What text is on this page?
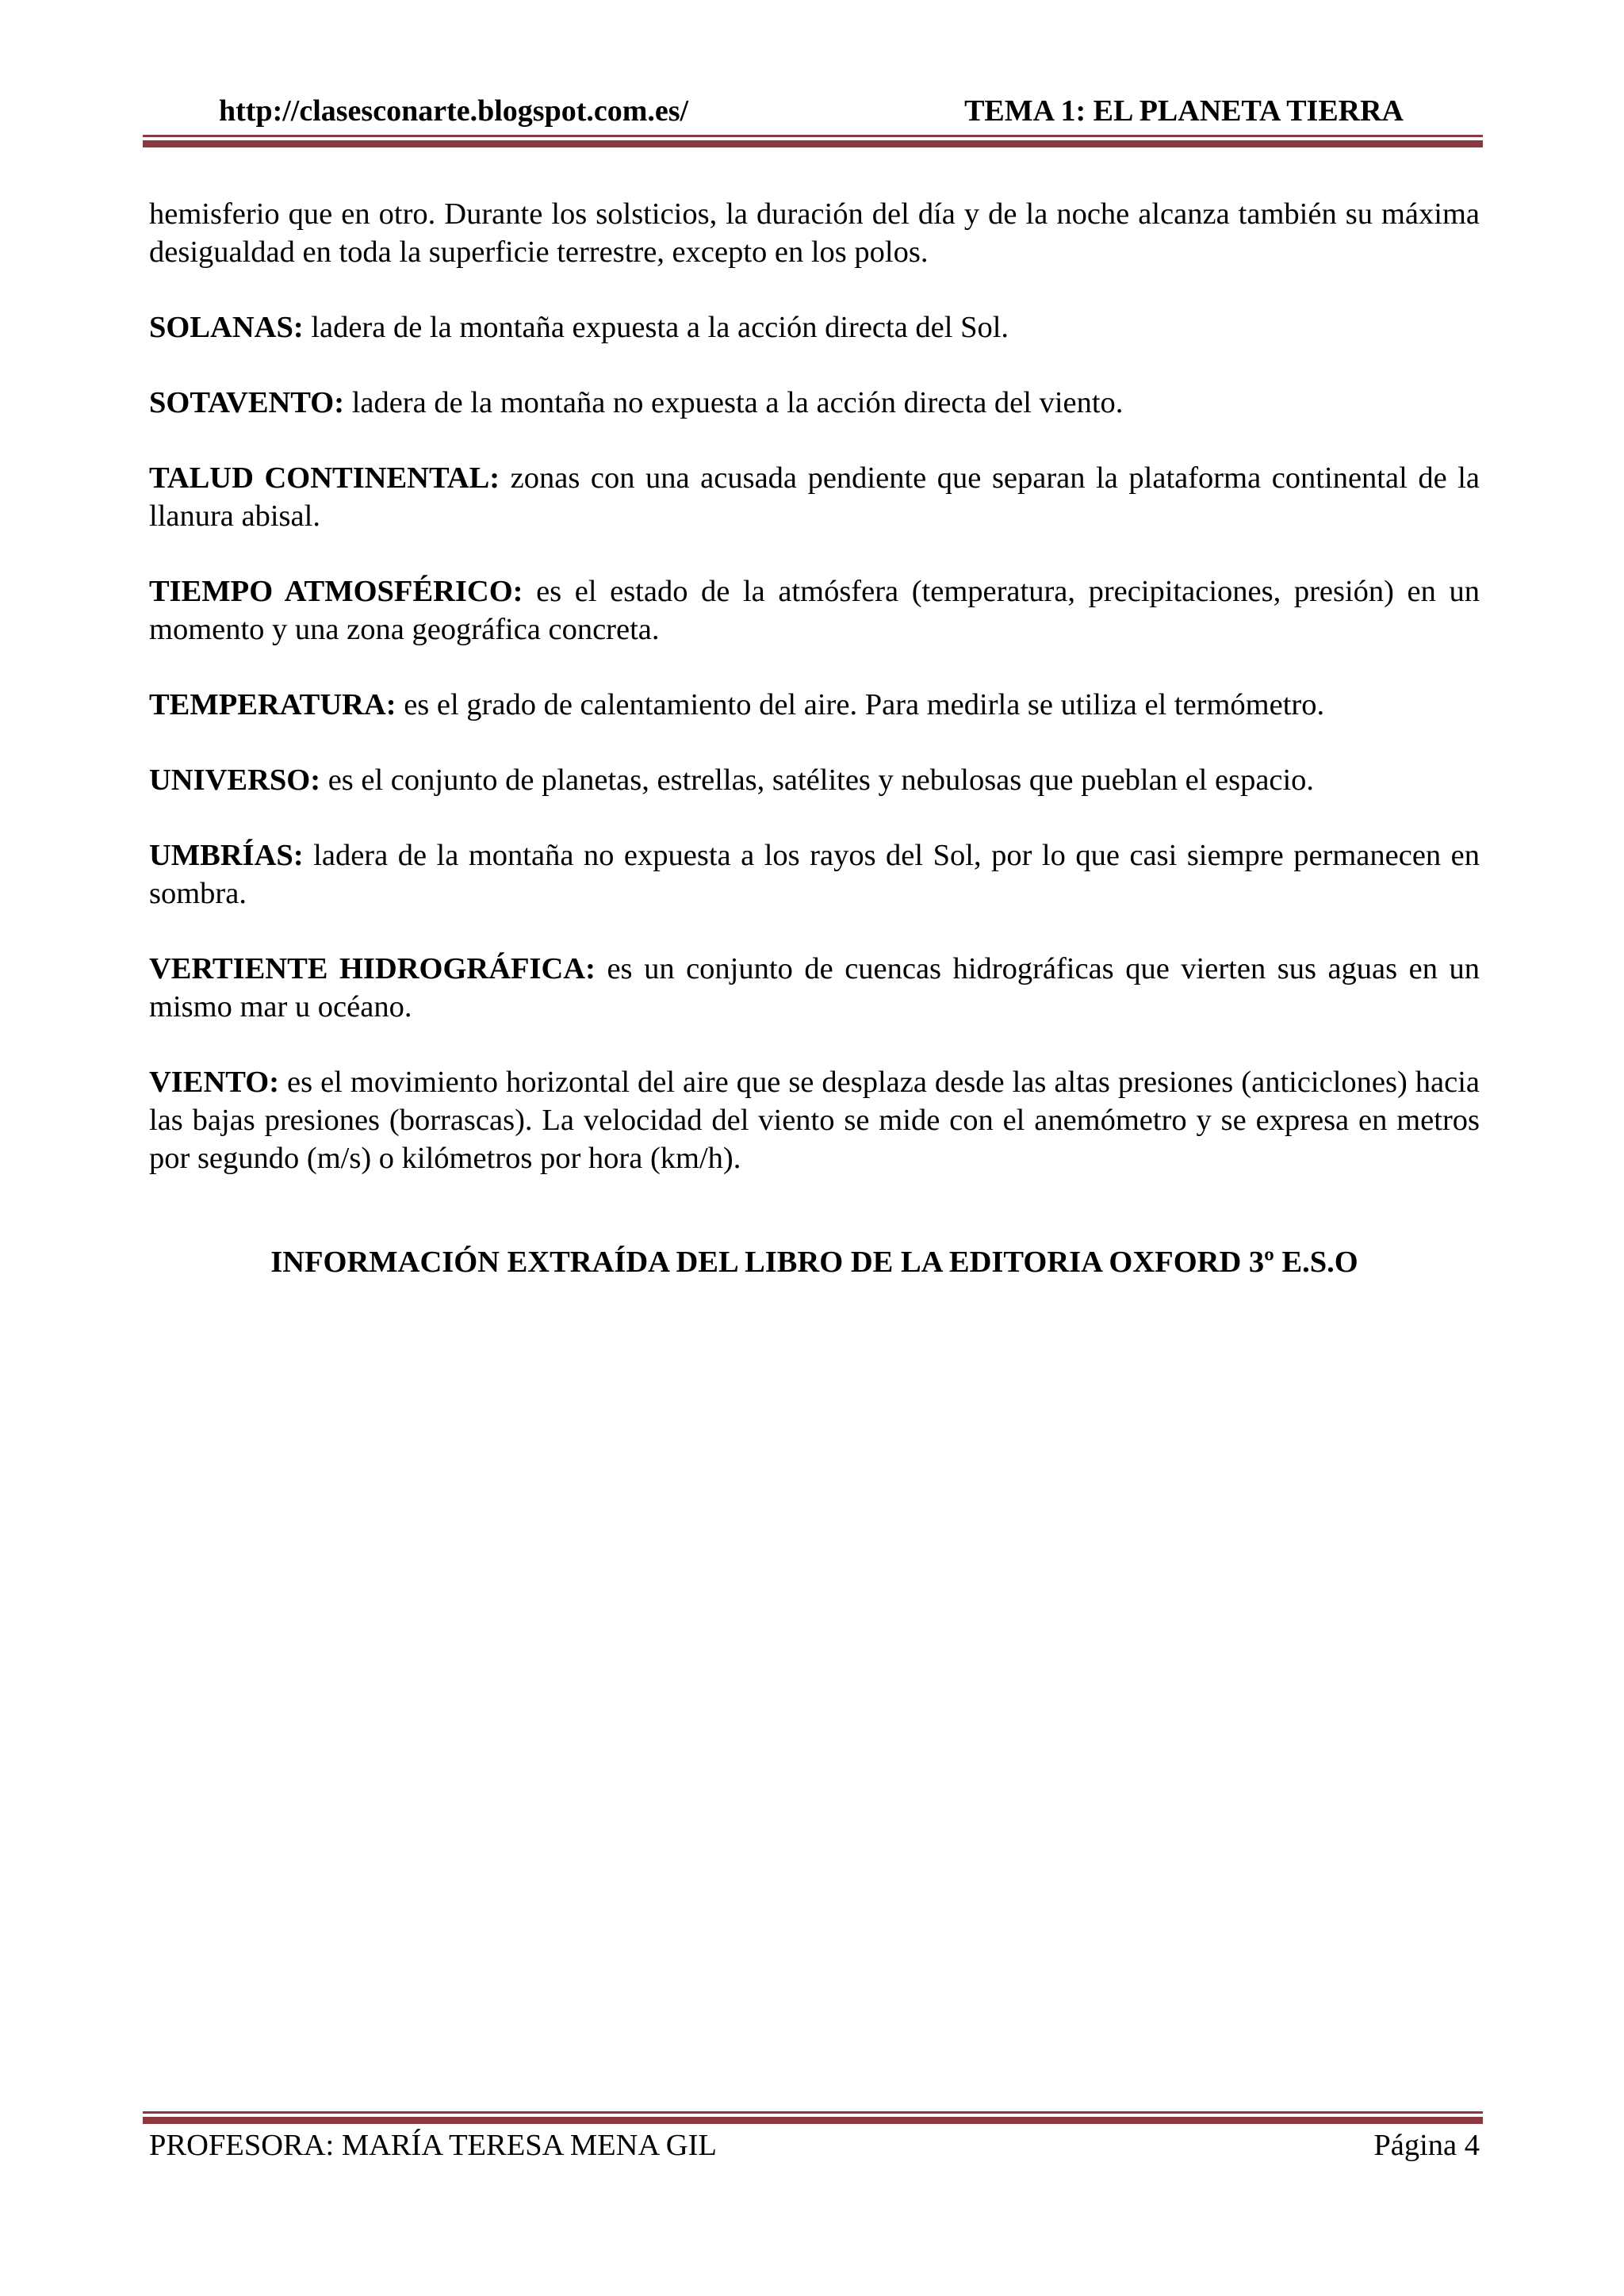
http://clasesconarte.blogspot.com.es/	TEMA 1: EL PLANETA TIERRA

hemisferio que en otro. Durante los solsticios, la duración del día y de la noche alcanza también su máxima desigualdad en toda la superficie terrestre, excepto en los polos.

SOLANAS: ladera de la montaña expuesta a la acción directa del Sol.

SOTAVENTO: ladera de la montaña no expuesta a la acción directa del viento.

TALUD CONTINENTAL: zonas con una acusada pendiente que separan la plataforma continental de la llanura abisal.

TIEMPO ATMOSFÉRICO: es el estado de la atmósfera (temperatura, precipitaciones, presión) en un momento y una zona geográfica concreta.

TEMPERATURA: es el grado de calentamiento del aire. Para medirla se utiliza el termómetro.

UNIVERSO: es el conjunto de planetas, estrellas, satélites y nebulosas que pueblan el espacio.

UMBRÍAS: ladera de la montaña no expuesta a los rayos del Sol, por lo que casi siempre permanecen en sombra.

VERTIENTE HIDROGRÁFICA: es un conjunto de cuencas hidrográficas que vierten sus aguas en un mismo mar u océano.

VIENTO: es el movimiento horizontal del aire que se desplaza desde las altas presiones (anticiclones) hacia las bajas presiones (borrascas). La velocidad del viento se mide con el anemómetro y se expresa en metros por segundo (m/s) o kilómetros por hora (km/h).

INFORMACIÓN EXTRAÍDA DEL LIBRO DE LA EDITORIA OXFORD 3º E.S.O
PROFESORA: MARÍA TERESA MENA GIL	Página 4
